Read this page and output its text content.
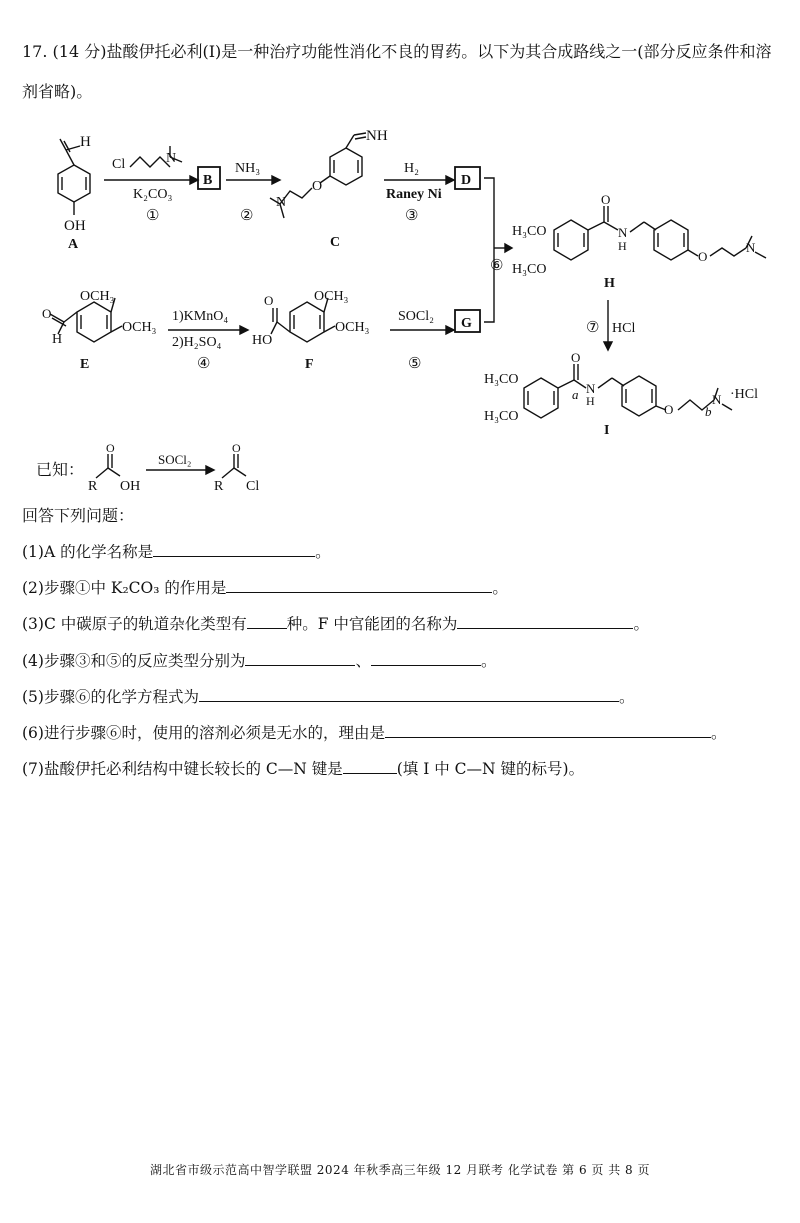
17. (14 分)盐酸伊托必利(I)是一种治疗功能性消化不良的胃药。以下为其合成路线之一(部分反应条件和溶
剂省略)。
H
OH
A
Cl	N
K₂CO₃
①
B
NH₃
②
NH
O
N
C
H₂
Raney Ni
③
D
⑥
H₃CO
H₃CO
O
N
H
O
N
H
OCH₃
OCH₃
H
O
E
1)KMnO₄
2)H₂SO₄
④
O
HO
OCH₃
OCH₃
F
SOCl₂
⑤
G	⑦ HCl
H₃CO
H₃CO
O
a N
H
O b
N ·HCl
I
已知：
O
R OH
SOCl₂
O
R Cl
回答下列问题：
(1)A 的化学名称是	。
(2)步骤①中 K₂CO₃ 的作用是	。
(3)C 中碳原子的轨道杂化类型有	种。F 中官能团的名称为	。
(4)步骤③和⑤的反应类型分别为	、	。
(5)步骤⑥的化学方程式为	。
(6)进行步骤⑥时，使用的溶剂必须是无水的，理由是	。
(7)盐酸伊托必利结构中键长较长的 C—N 键是	(填 I 中 C—N 键的标号)。
湖北省市级示范高中智学联盟 2024 年秋季高三年级 12 月联考 化学试卷 第 6 页 共 8 页
